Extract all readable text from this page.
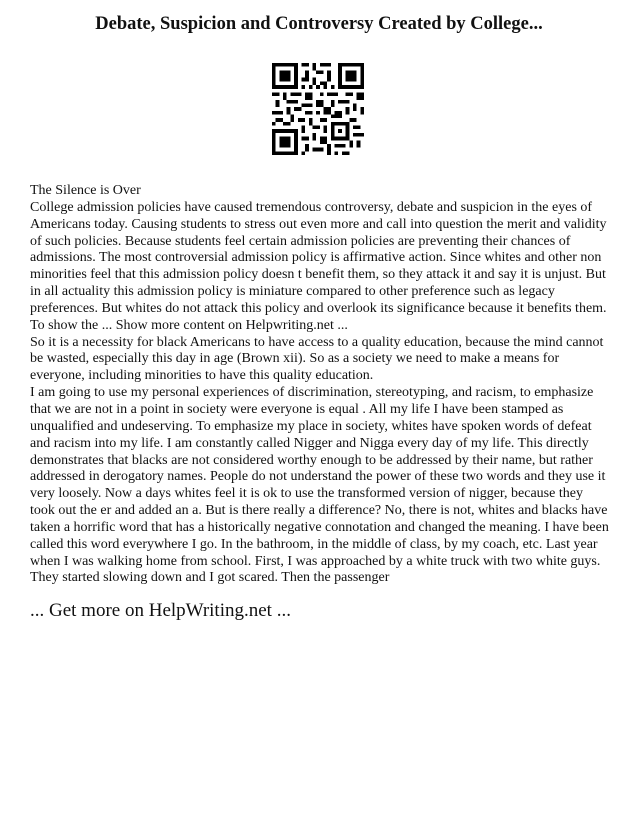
Debate, Suspicion and Controversy Created by College...

The Silence is Over

College admission policies have caused tremendous controversy, debate and suspicion in the eyes of Americans today. Causing students to stress out even more and call into question the merit and validity of such policies. Because students feel certain admission policies are preventing their chances of admissions. The most controversial admission policy is affirmative action. Since whites and other non minorities feel that this admission policy doesn t benefit them, so they attack it and say it is unjust. But in all actuality this admission policy is miniature compared to other preference such as legacy preferences. But whites do not attack this policy and overlook its significance because it benefits them. To show the ... Show more content on Helpwriting.net ...

So it is a necessity for black Americans to have access to a quality education, because the mind cannot be wasted, especially this day in age (Brown xii). So as a society we need to make a means for everyone, including minorities to have this quality education.

I am going to use my personal experiences of discrimination, stereotyping, and racism, to emphasize that we are not in a point in society were everyone is equal . All my life I have been stamped as unqualified and undeserving. To emphasize my place in society, whites have spoken words of defeat and racism into my life. I am constantly called Nigger and Nigga every day of my life. This directly demonstrates that blacks are not considered worthy enough to be addressed by their name, but rather addressed in derogatory names. People do not understand the power of these two words and they use it very loosely. Now a days whites feel it is ok to use the transformed version of nigger, because they took out the er and added an a. But is there really a difference? No, there is not, whites and blacks have taken a horrific word that has a historically negative connotation and changed the meaning. I have been called this word everywhere I go. In the bathroom, in the middle of class, by my coach, etc. Last year when I was walking home from school. First, I was approached by a white truck with two white guys. They started slowing down and I got scared. Then the passenger

... Get more on HelpWriting.net ...
